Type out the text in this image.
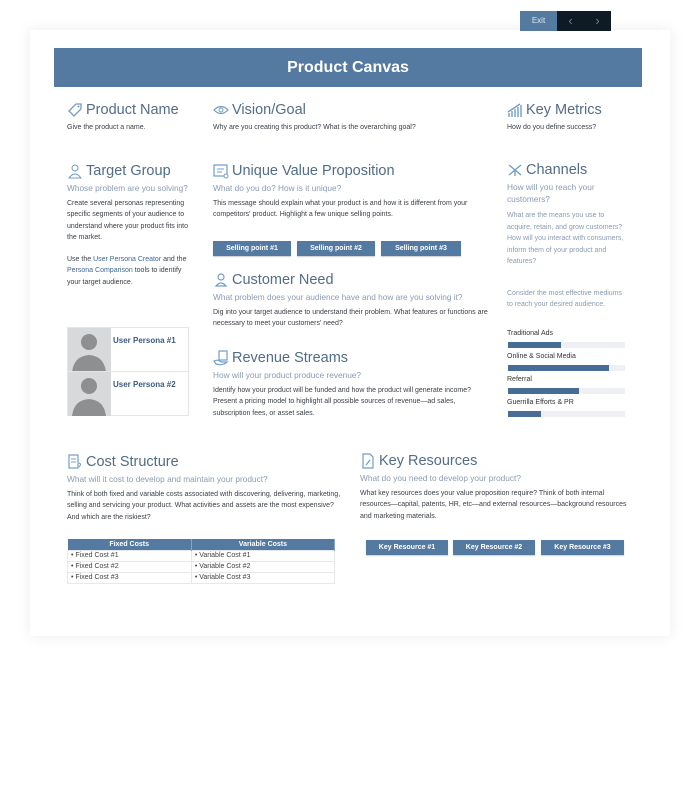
Exit	‹	›
Product Canvas
Product Name
Give the product a name.
Vision/Goal
Why are you creating this product? What is the overarching goal?
Key Metrics
How do you define success?
Target Group
Whose problem are you solving?
Create several personas representing specific segments of your audience to understand where your product fits into the market.
Use the User Persona Creator and the Persona Comparison tools to identify your target audience.
User Persona #1
User Persona #2
Unique Value Proposition
What do you do? How is it unique?
This message should explain what your product is and how it is different from your competitors' product. Highlight a few unique selling points.
Selling point #1	Selling point #2	Selling point #3
Customer Need
What problem does your audience have and how are you solving it?
Dig into your target audience to understand their problem. What features or functions are necessary to meet your customers' need?
Revenue Streams
How will your product produce revenue?
Identify how your product will be funded and how the product will generate income? Present a pricing model to highlight all possible sources of revenue—ad sales, subscription fees, or asset sales.
Channels
How will you reach your customers?
What are the means you use to acquire, retain, and grow customers? How will you interact with consumers, inform them of your product and features?
Consider the most effective mediums to reach your desired audience.
Traditional Ads
Online & Social Media
Referral
Guerrilla Efforts & PR
Cost Structure
What will it cost to develop and maintain your product?
Think of both fixed and variable costs associated with discovering, delivering, marketing, selling and servicing your product. What activities and assets are the most expensive? And which are the riskiest?
Fixed Costs	Variable Costs
• Fixed Cost #1	• Variable Cost #1
• Fixed Cost #2	• Variable Cost #2
• Fixed Cost #3	• Variable Cost #3
Key Resources
What do you need to develop your product?
What key resources does your value proposition require? Think of both internal resources—capital, patents, HR, etc—and external resources—background resources and marketing materials.
Key Resource #1	Key Resource #2	Key Resource #3
